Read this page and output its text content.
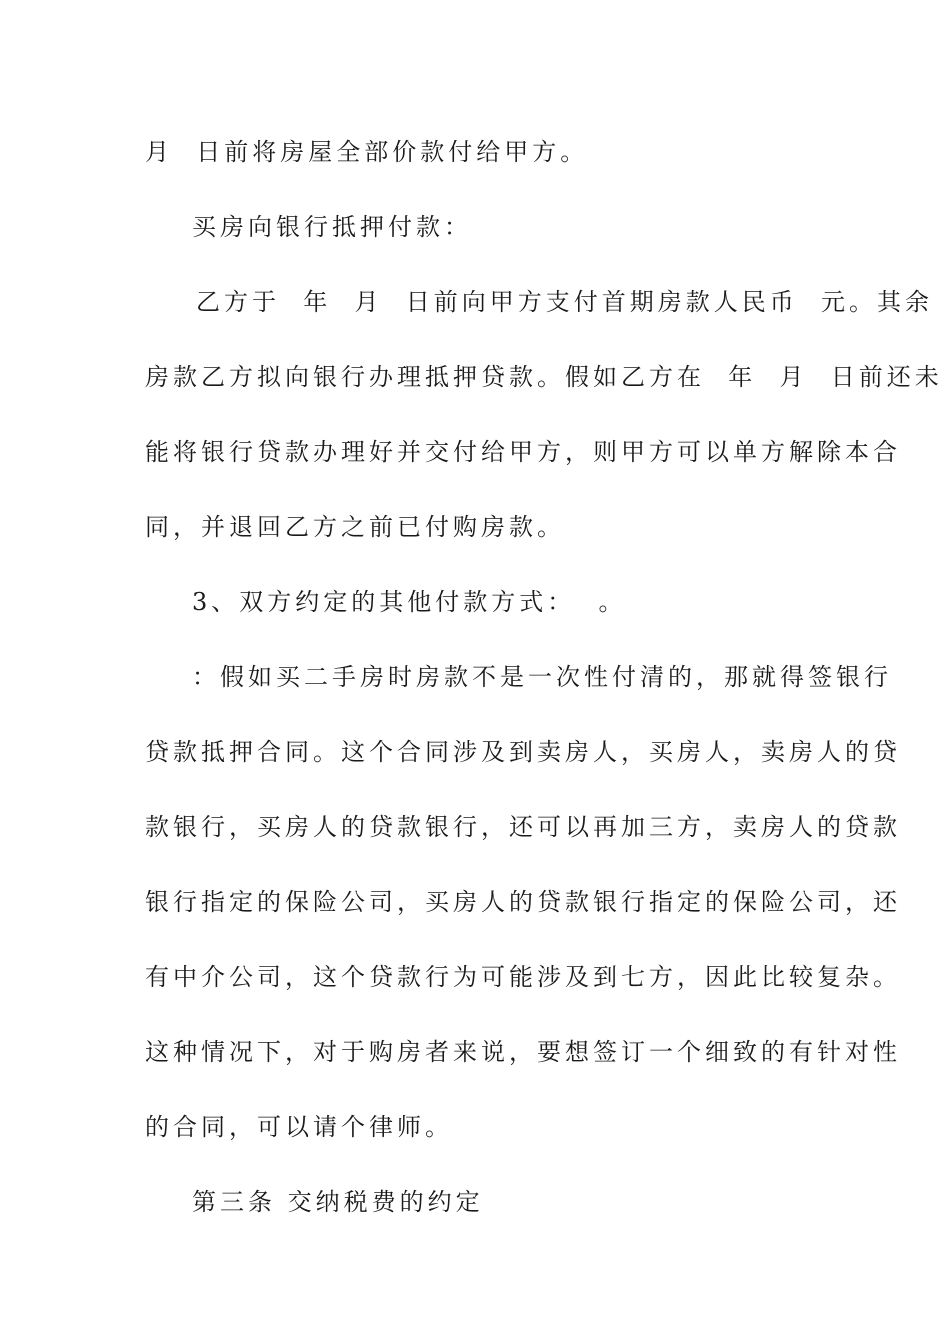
月  日前将房屋全部价款付给甲方。
买房向银行抵押付款：
乙方于  年  月  日前向甲方支付首期房款人民币  元。其余
房款乙方拟向银行办理抵押贷款。假如乙方在  年  月  日前还未
能将银行贷款办理好并交付给甲方，则甲方可以单方解除本合
同，并退回乙方之前已付购房款。
3、双方约定的其他付款方式：  。
：假如买二手房时房款不是一次性付清的，那就得签银行
贷款抵押合同。这个合同涉及到卖房人，买房人，卖房人的贷
款银行，买房人的贷款银行，还可以再加三方，卖房人的贷款
银行指定的保险公司，买房人的贷款银行指定的保险公司，还
有中介公司，这个贷款行为可能涉及到七方，因此比较复杂。
这种情况下，对于购房者来说，要想签订一个细致的有针对性
的合同，可以请个律师。
第三条 交纳税费的约定
